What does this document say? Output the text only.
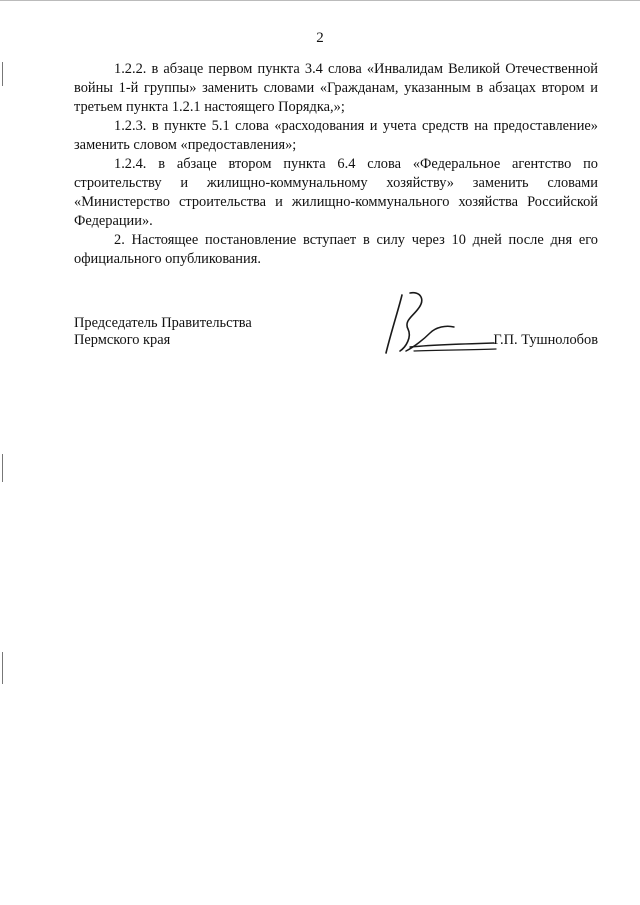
2

1.2.2. в абзаце первом пункта 3.4 слова «Инвалидам Великой Отечественной войны 1-й группы» заменить словами «Гражданам, указанным в абзацах втором и третьем пункта 1.2.1 настоящего Порядка,»;

1.2.3. в пункте 5.1 слова «расходования и учета средств на предоставление» заменить словом «предоставления»;

1.2.4. в абзаце втором пункта 6.4 слова «Федеральное агентство по строительству и жилищно-коммунальному хозяйству» заменить словами «Министерство строительства и жилищно-коммунального хозяйства Российской Федерации».

2. Настоящее постановление вступает в силу через 10 дней после дня его официального опубликования.

Председатель Правительства
Пермского края	Г.П. Тушнолобов
